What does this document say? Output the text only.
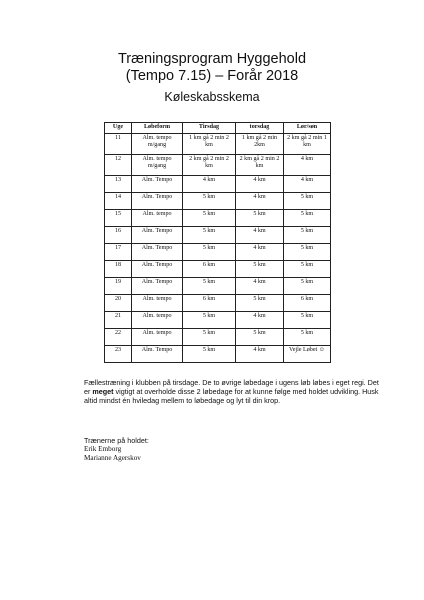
Træningsprogram Hyggehold
(Tempo 7.15) – Forår 2018
Køleskabsskema
Uge	Løbeform	Tirsdag	torsdag	Lør/søn
11	Alm. tempo m/gang	1 km gå 2 min 2 km	1 km gå 2 min 2km	2 km gå 2 min 1 km
12	Alm. tempo m/gang	2 km gå 2 min 2 km	2 km gå 2 min 2 km	4 km
13	Alm. Tempo	4 km	4 km	4 km
14	Alm. Tempo	5 km	4 km	5 km
15	Alm. tempo	5 km	5 km	5 km
16	Alm. Tempo	5 km	4 km	5 km
17	Alm. Tempo	5 km	4 km	5 km
18	Alm. Tempo	6 km	5 km	5 km
19	Alm. Tempo	5 km	4 km	5 km
20	Alm. tempo	6 km	5 km	6 km
21	Alm. tempo	5 km	4 km	5 km
22	Alm. tempo	5 km	5 km	5 km
23	Alm. Tempo	5 km	4 km	Vejle Løbet ☺
Fællestræning i klubben på tirsdage. De to øvrige løbedage i ugens løb løbes i eget regi. Det er meget vigtigt at overholde disse 2 løbedage for at kunne følge med holdet udvikling. Husk altid mindst én hviledag mellem to løbedage og lyt til din krop.
Trænerne på holdet:
Erik Emborg
Marianne Agerskov
